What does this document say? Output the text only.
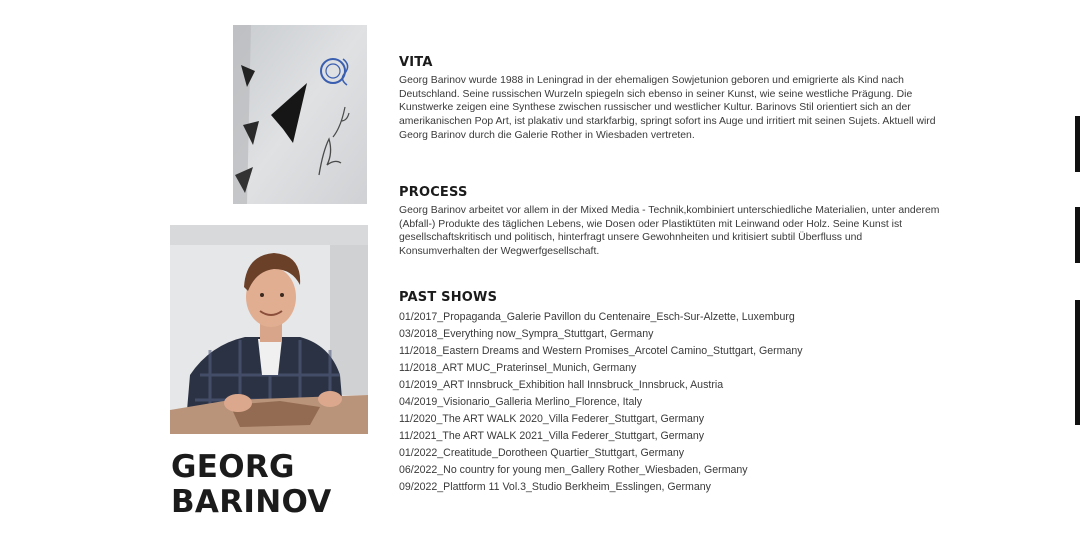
GEORG
BARINOV
VITA

Georg Barinov wurde 1988 in Leningrad in der ehemaligen Sowjetunion geboren und emigrierte als Kind nach Deutschland. Seine russischen Wurzeln spiegeln sich ebenso in seiner Kunst, wie seine westliche Prägung. Die Kunstwerke zeigen eine Synthese zwischen russischer und westlicher Kultur. Barinovs Stil orientiert sich an der amerikanischen Pop Art, ist plakativ und starkfarbig, springt sofort ins Auge und irritiert mit seinen Sujets. Aktuell wird Georg Barinov durch die Galerie Rother in Wiesbaden vertreten.

PROCESS

Georg Barinov arbeitet vor allem in der Mixed Media - Technik,kombiniert unterschiedliche Materialien, unter anderem (Abfall-) Produkte des täglichen Lebens, wie Dosen oder Plastiktüten mit Leinwand oder Holz. Seine Kunst ist gesellschaftskritisch und politisch, hinterfragt unsere Gewohnheiten und kritisiert subtil Überfluss und Konsumverhalten der Wegwerfgesellschaft.

PAST SHOWS
01/2017_Propaganda_Galerie Pavillon du Centenaire_Esch-Sur-Alzette, Luxemburg
03/2018_Everything now_Sympra_Stuttgart, Germany
11/2018_Eastern Dreams and Western Promises_Arcotel Camino_Stuttgart, Germany
11/2018_ART MUC_Praterinsel_Munich, Germany
01/2019_ART Innsbruck_Exhibition hall Innsbruck_Innsbruck, Austria
04/2019_Visionario_Galleria Merlino_Florence, Italy
11/2020_The ART WALK 2020_Villa Federer_Stuttgart, Germany
11/2021_The ART WALK 2021_Villa Federer_Stuttgart, Germany
01/2022_Creatitude_Dorotheen Quartier_Stuttgart, Germany
06/2022_No country for young men_Gallery Rother_Wiesbaden, Germany
09/2022_Plattform 11 Vol.3_Studio Berkheim_Esslingen, Germany
